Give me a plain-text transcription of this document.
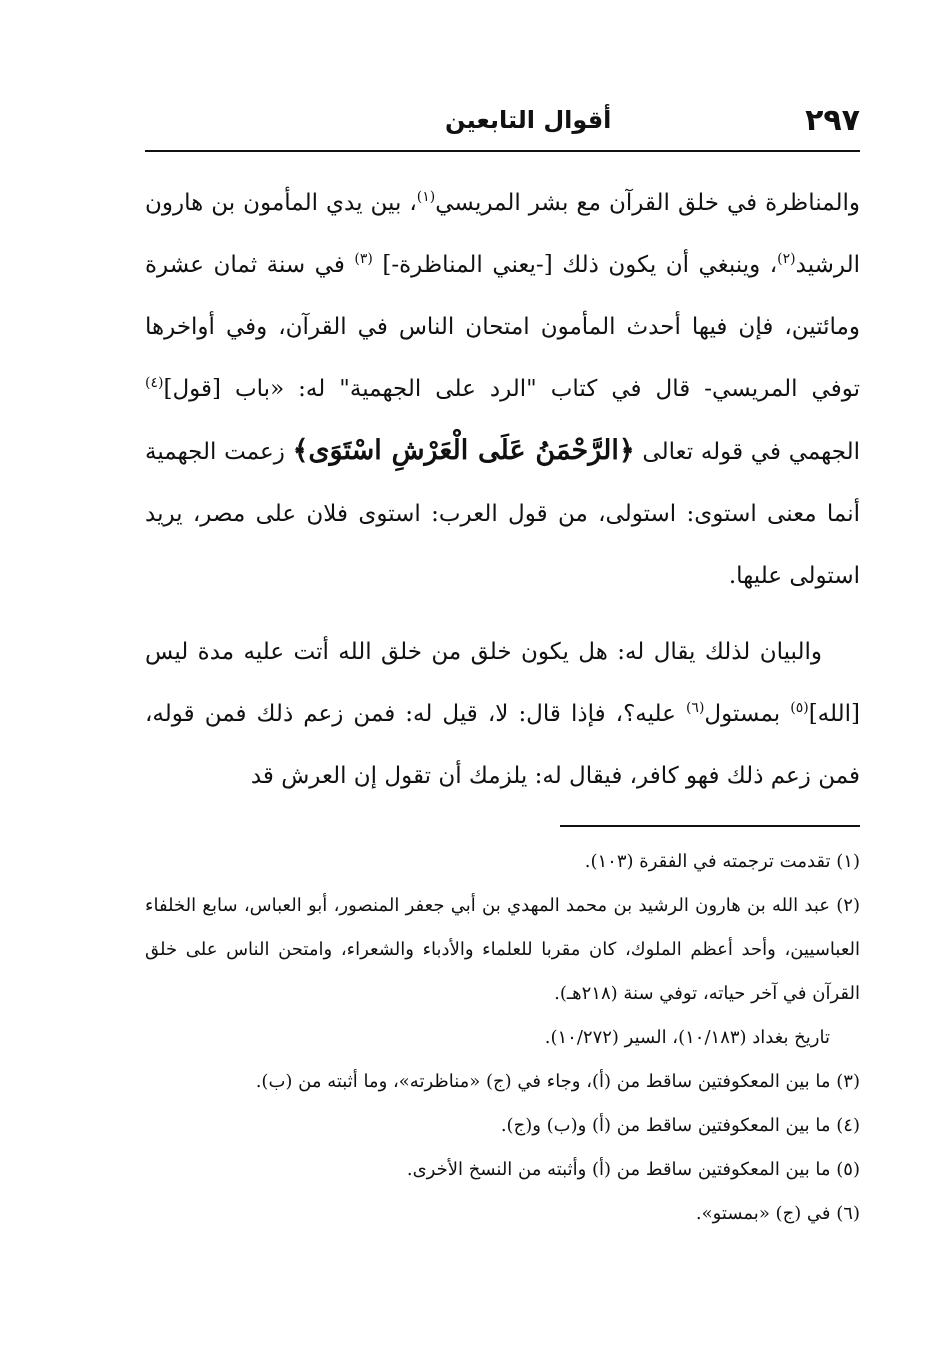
٢٩٧
أقوال التابعين

والمناظرة في خلق القرآن مع بشر المريسي$^{(١)}$، بين يدي المأمون بن هارون الرشيد$^{(٢)}$، وينبغي أن يكون ذلك [-يعني المناظرة-] $^{(٣)}$ في سنة ثمان عشرة ومائتين، فإن فيها أحدث المأمون امتحان الناس في القرآن، وفي أواخرها توفي المريسي- قال في كتاب "الرد على الجهمية" له: «باب [قول]$^{(٤)}$ الجهمي في قوله تعالى ﴿الرَّحْمَنُ عَلَى الْعَرْشِ اسْتَوَى﴾ زعمت الجهمية أنما معنى استوى: استولى، من قول العرب: استوى فلان على مصر، يريد استولى عليها.

والبيان لذلك يقال له: هل يكون خلق من خلق الله أتت عليه مدة ليس [الله]$^{(٥)}$ بمستول$^{(٦)}$ عليه؟، فإذا قال: لا، قيل له: فمن زعم ذلك فمن قوله، فمن زعم ذلك فهو كافر، فيقال له: يلزمك أن تقول إن العرش قد

(١) تقدمت ترجمته في الفقرة (١٠٣).

(٢) عبد الله بن هارون الرشيد بن محمد المهدي بن أبي جعفر المنصور، أبو العباس، سابع الخلفاء العباسيين، وأحد أعظم الملوك، كان مقربا للعلماء والأدباء والشعراء، وامتحن الناس على خلق القرآن في آخر حياته، توفي سنة (٢١٨هـ).

تاريخ بغداد (١٠/١٨٣)، السير (١٠/٢٧٢).

(٣) ما بين المعكوفتين ساقط من (أ)، وجاء في (ج) «مناظرته»، وما أثبته من (ب).

(٤) ما بين المعكوفتين ساقط من (أ) و(ب) و(ج).

(٥) ما بين المعكوفتين ساقط من (أ) وأثبته من النسخ الأخرى.

(٦) في (ج) «بمستو».
